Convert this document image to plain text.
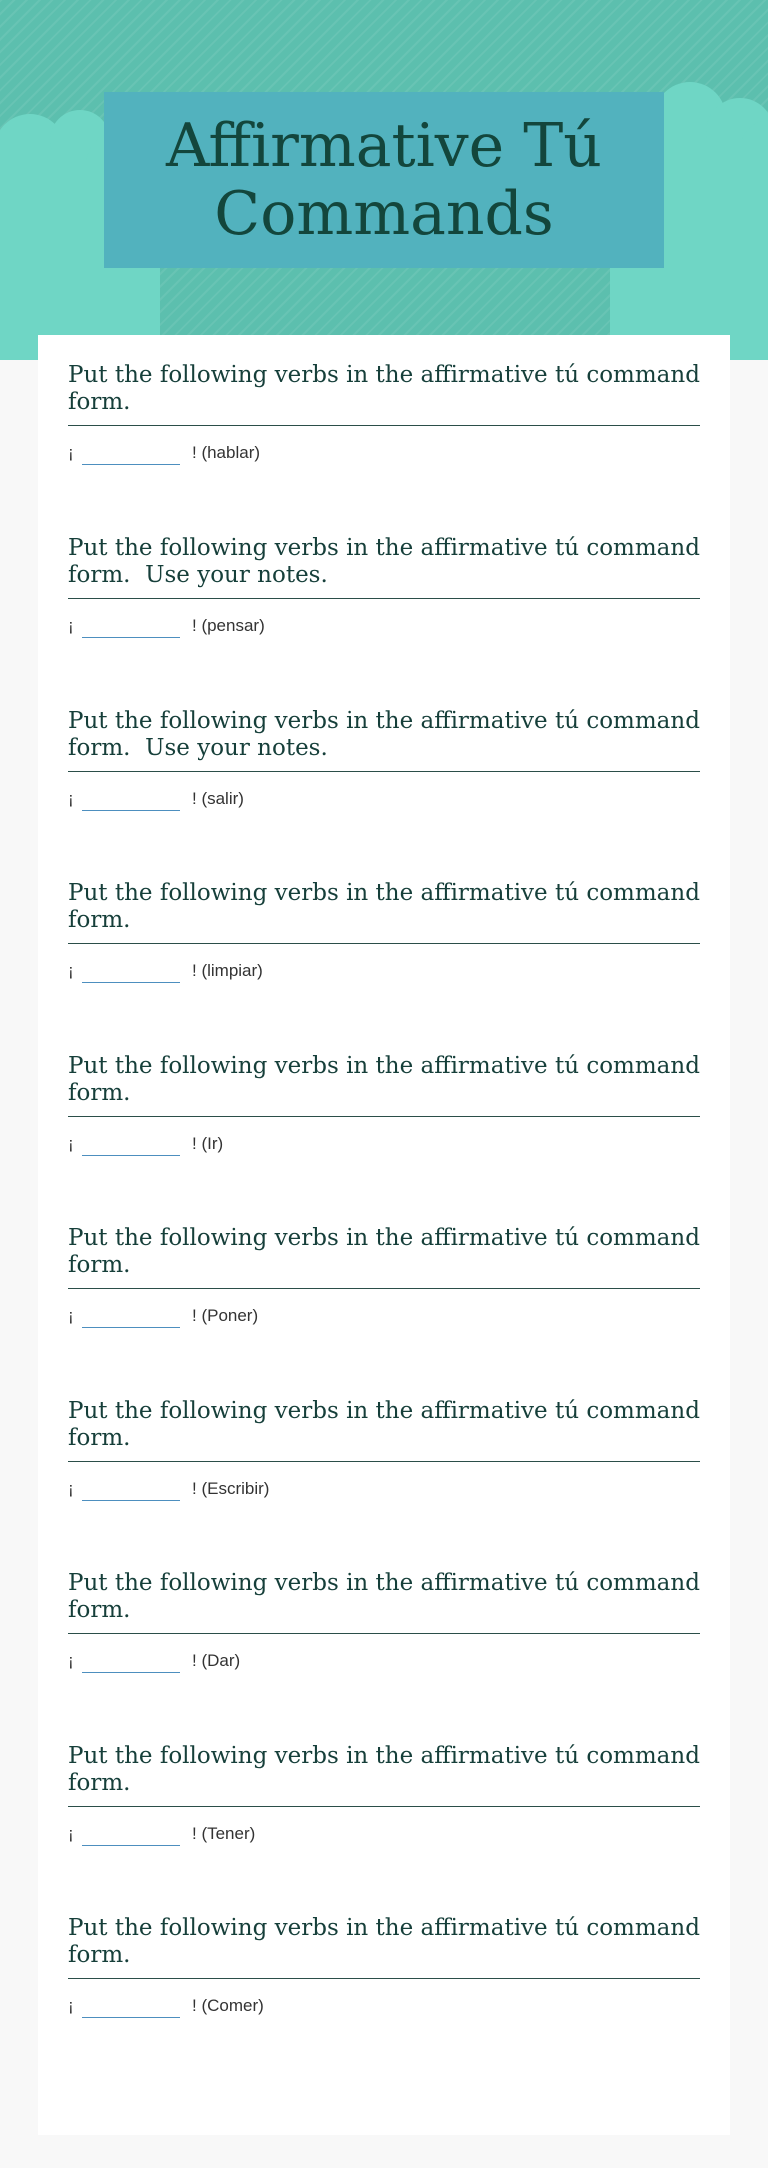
Affirmative Tú Commands
Put the following verbs in the affirmative tú command form.
¡	! (hablar)
Put the following verbs in the affirmative tú command form.  Use your notes.
¡	! (pensar)
Put the following verbs in the affirmative tú command form.  Use your notes.
¡	! (salir)
Put the following verbs in the affirmative tú command form.
¡	! (limpiar)
Put the following verbs in the affirmative tú command form.
¡	! (Ir)
Put the following verbs in the affirmative tú command form.
¡	! (Poner)
Put the following verbs in the affirmative tú command form.
¡	! (Escribir)
Put the following verbs in the affirmative tú command form.
¡	! (Dar)
Put the following verbs in the affirmative tú command form.
¡	! (Tener)
Put the following verbs in the affirmative tú command form.
¡	! (Comer)
